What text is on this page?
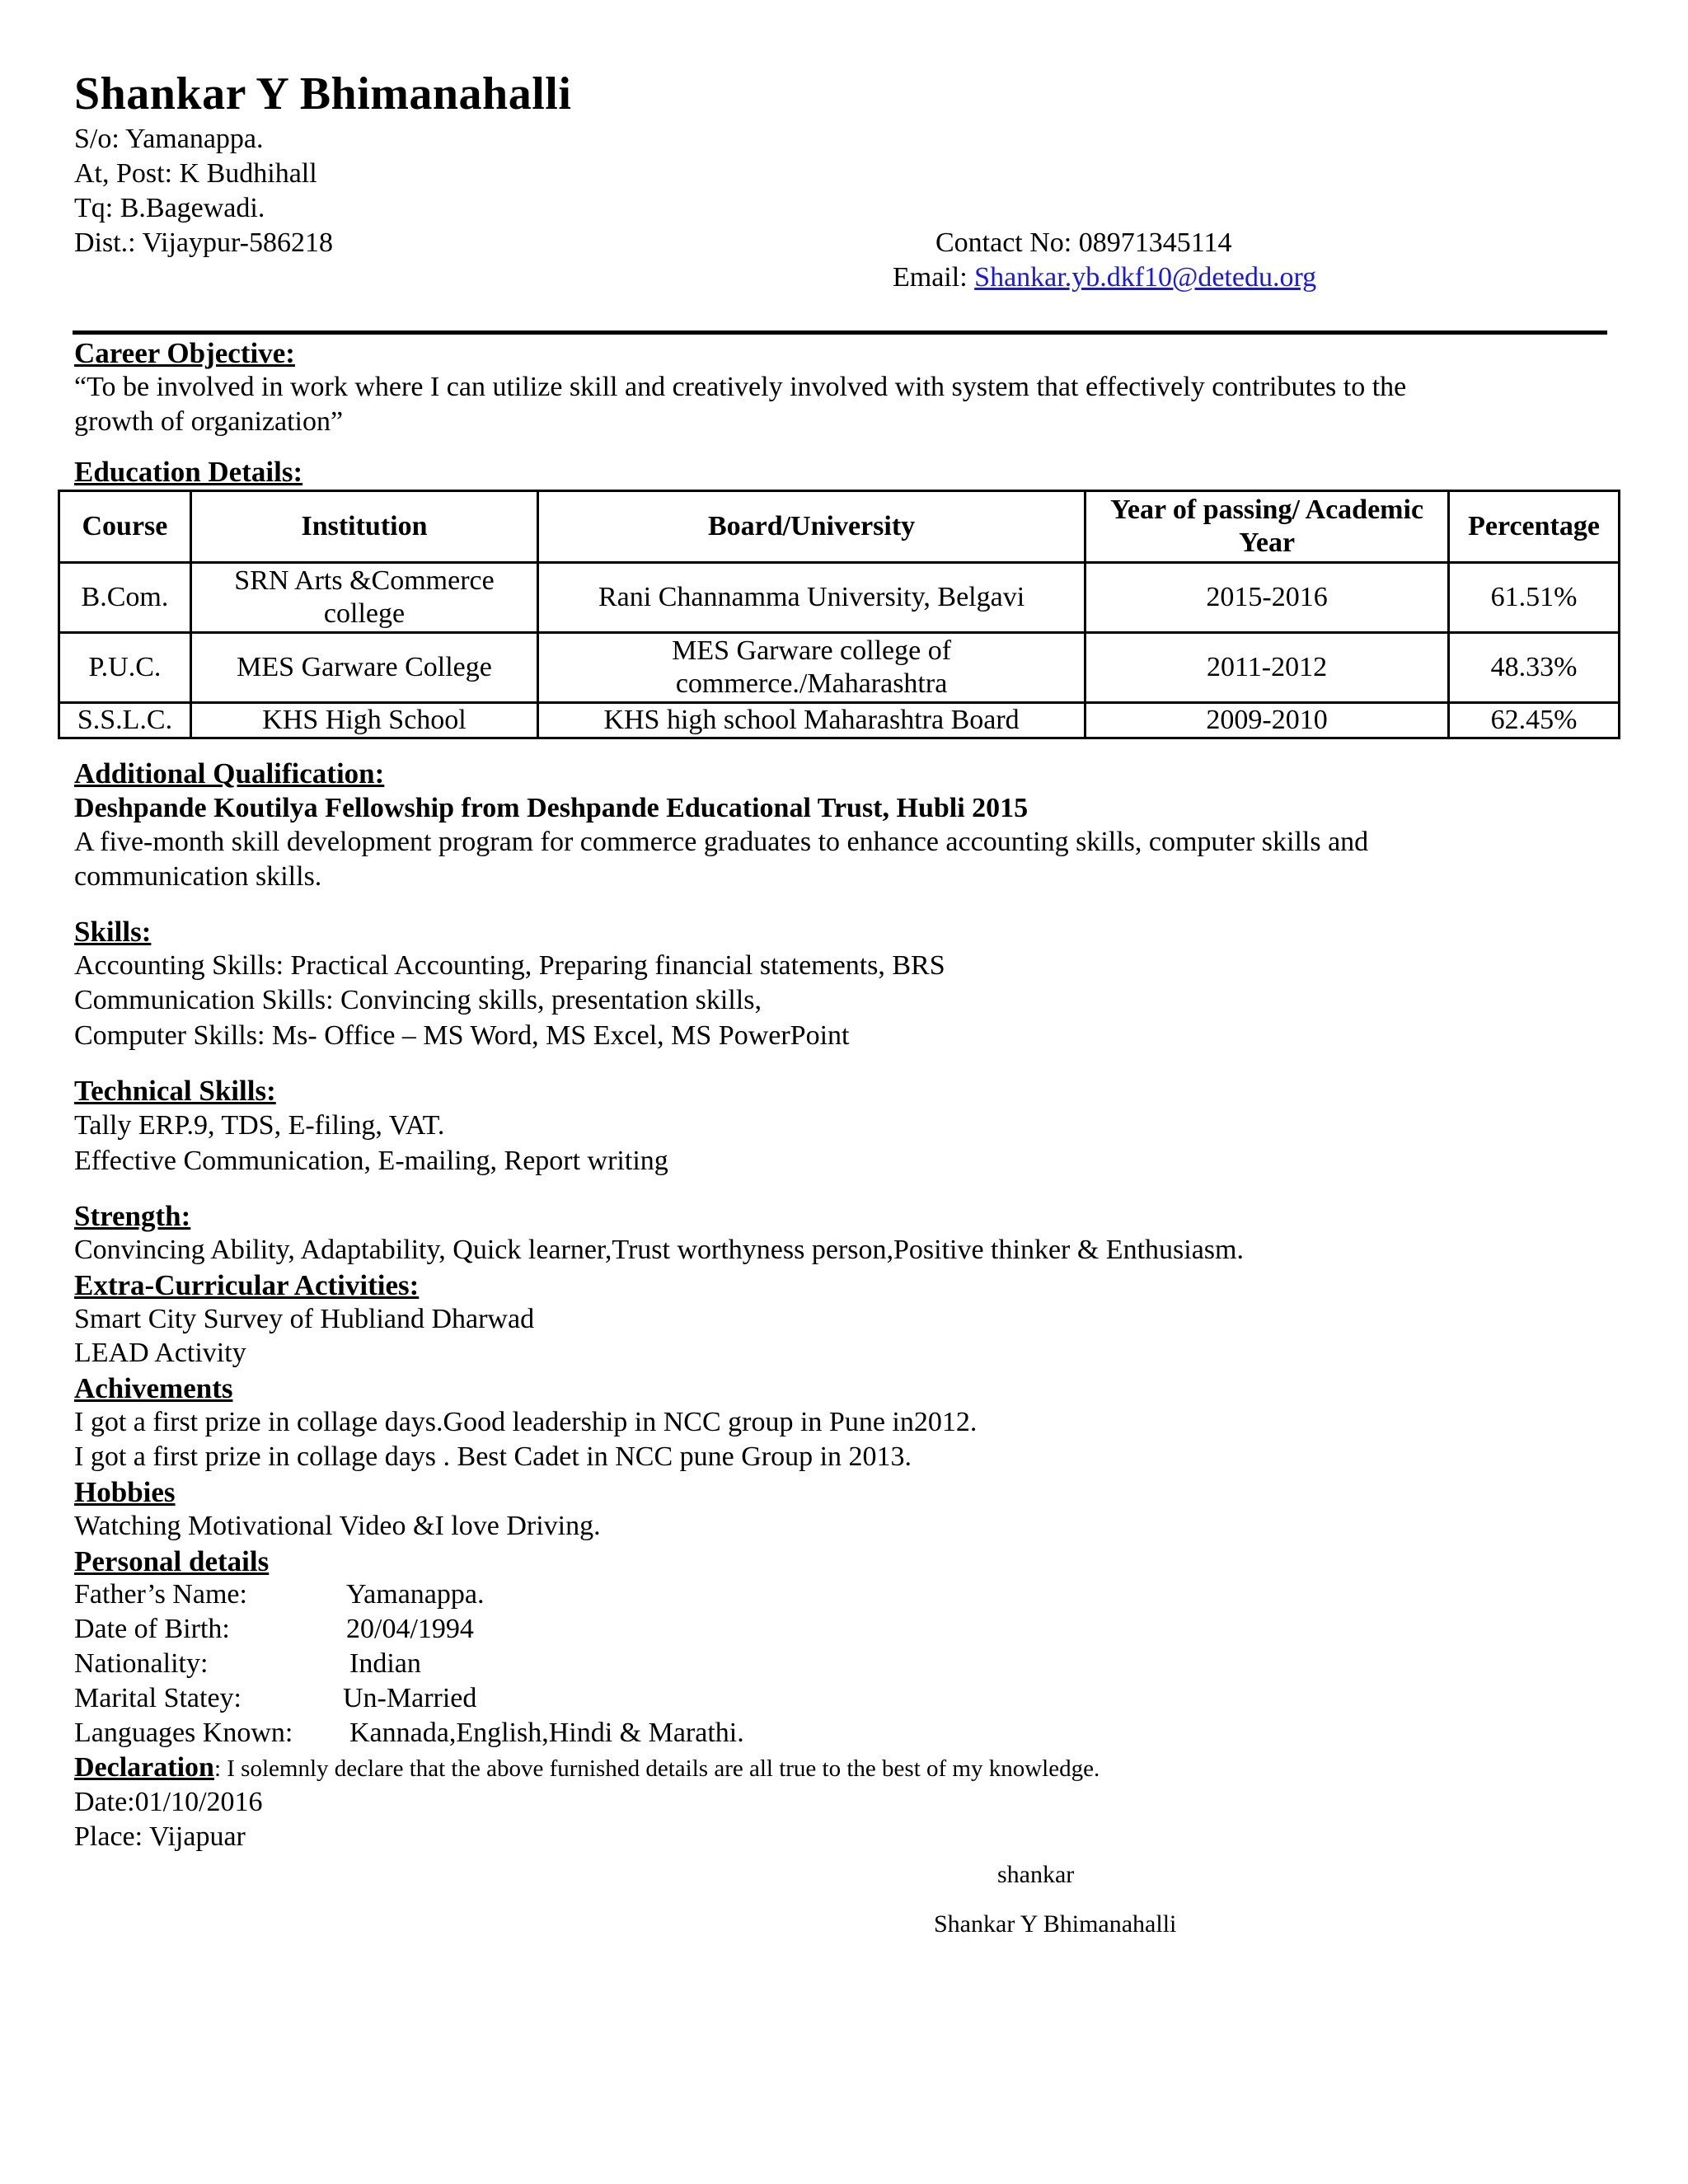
Shankar Y Bhimanahalli
S/o: Yamanappa.
At, Post: K Budhihall
Tq: B.Bagewadi.
Dist.: Vijaypur-586218	Contact No: 08971345114
Email: Shankar.yb.dkf10@detedu.org
Career Objective:
“To be involved in work where I can utilize skill and creatively involved with system that effectively contributes to the
growth of organization”
Education Details:
Course	Institution	Board/University	Year of passing/ Academic Year	Percentage
B.Com.	SRN Arts &Commerce college	Rani Channamma University, Belgavi	2015-2016	61.51%
P.U.C.	MES Garware College	MES Garware college of commerce./Maharashtra	2011-2012	48.33%
S.S.L.C.	KHS High School	KHS high school Maharashtra Board	2009-2010	62.45%
Additional Qualification:
Deshpande Koutilya Fellowship from Deshpande Educational Trust, Hubli 2015
A five-month skill development program for commerce graduates to enhance accounting skills, computer skills and
communication skills.
Skills:
Accounting Skills: Practical Accounting, Preparing financial statements, BRS
Communication Skills: Convincing skills, presentation skills,
Computer Skills: Ms- Office – MS Word, MS Excel, MS PowerPoint
Technical Skills:
Tally ERP.9, TDS, E-filing, VAT.
Effective Communication, E-mailing, Report writing
Strength:
Convincing Ability, Adaptability, Quick learner,Trust worthyness person,Positive thinker & Enthusiasm.
Extra-Curricular Activities:
Smart City Survey of Hubliand Dharwad
LEAD Activity
Achivements
I got a first prize in collage days.Good leadership in NCC group in Pune in2012.
I got a first prize in collage days . Best Cadet in NCC pune Group in 2013.
Hobbies
Watching Motivational Video &I love Driving.
Personal details
Father’s Name:	Yamanappa.
Date of Birth:	20/04/1994
Nationality:	Indian
Marital Statey:	Un-Married
Languages Known: Kannada,English,Hindi & Marathi.
Declaration: I solemnly declare that the above furnished details are all true to the best of my knowledge.
Date:01/10/2016
Place: Vijapuar
shankar
Shankar Y Bhimanahalli
